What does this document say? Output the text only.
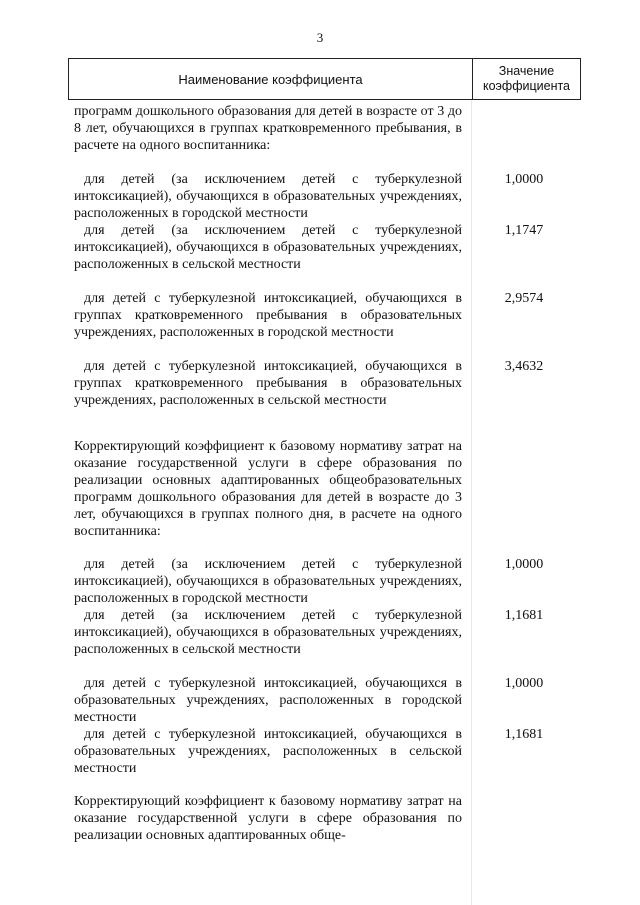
3
Наименование коэффициента
Значение коэффициента
программ дошкольного образования для детей в возрасте от 3 до 8 лет, обучающихся в группах кратковременного пребывания, в расчете на одного воспитанника:
для детей (за исключением детей с туберкулезной интоксикацией), обучающихся в образовательных учреждениях, расположенных в городской местности
1,0000
для детей (за исключением детей с туберкулезной интоксикацией), обучающихся в образовательных учреждениях, расположенных в сельской местности
1,1747
для детей с туберкулезной интоксикацией, обучающихся в группах кратковременного пребывания в образовательных учреждениях, расположенных в городской местности
2,9574
для детей с туберкулезной интоксикацией, обучающихся в группах кратковременного пребывания в образовательных учреждениях, расположенных в сельской местности
3,4632
Корректирующий коэффициент к базовому нормативу затрат на оказание государственной услуги в сфере образования по реализации основных адаптированных общеобразовательных программ дошкольного образования для детей в возрасте до 3 лет, обучающихся в группах полного дня, в расчете на одного воспитанника:
для детей (за исключением детей с туберкулезной интоксикацией), обучающихся в образовательных учреждениях, расположенных в городской местности
1,0000
для детей (за исключением детей с туберкулезной интоксикацией), обучающихся в образовательных учреждениях, расположенных в сельской местности
1,1681
для детей с туберкулезной интоксикацией, обучающихся в образовательных учреждениях, расположенных в городской местности
1,0000
для детей с туберкулезной интоксикацией, обучающихся в образовательных учреждениях, расположенных в сельской местности
1,1681
Корректирующий коэффициент к базовому нормативу затрат на оказание государственной услуги в сфере образования по реализации основных адаптированных обще-
